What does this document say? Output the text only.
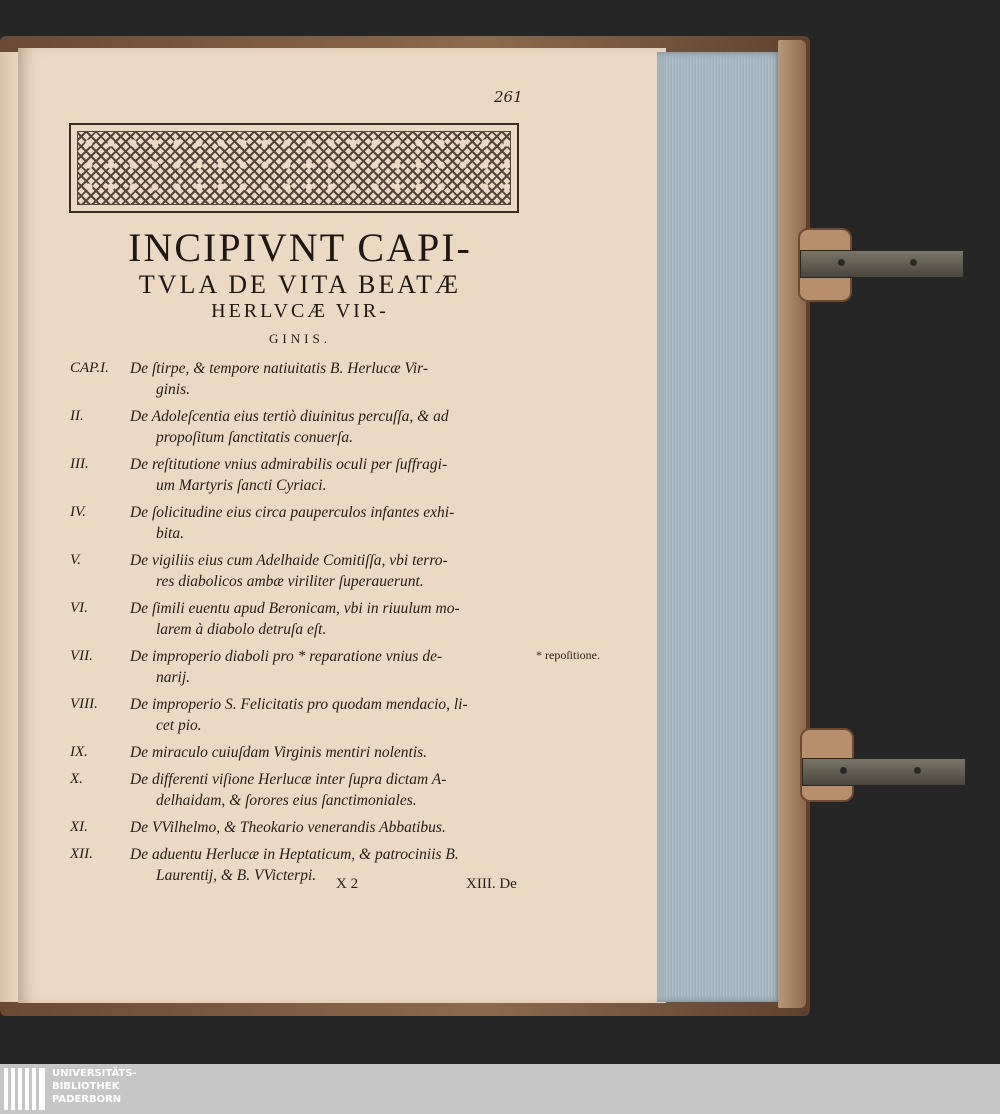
261
INCIPIVNT CAPI-
TVLA DE VITA BEATÆ
HERLVCÆ VIR-
GINIS.
CAP.I. De ſtirpe, & tempore natiuitatis B. Herlucæ Vir-
ginis.
II.	De Adoleſcentia eius tertiò diuinitus percuſſa, & ad
propoſitum ſanctitatis conuerſa.
III.	De reſtitutione vnius admirabilis oculi per ſuffragi-
um Martyris ſancti Cyriaci.
IV.	De ſolicitudine eius circa pauperculos infantes exhi-
bita.
V.	De vigiliis eius cum Adelhaide Comitiſſa, vbi terro-
res diabolicos ambæ viriliter ſuperauerunt.
VI.	De ſimili euentu apud Beronicam, vbi in riuulum mo-
larem à diabolo detruſa eſt.
VII. De improperio diaboli pro * reparatione vnius de-
narij.
VIII. De improperio S. Felicitatis pro quodam mendacio, li-
cet pio.
IX.	De miraculo cuiuſdam Virginis mentiri nolentis.
X.	De differenti viſione Herlucæ inter ſupra dictam A-
delhaidam, & ſorores eius ſanctimoniales.
XI.	De VVilhelmo, & Theokario venerandis Abbatibus.
XII. De aduentu Herlucæ in Heptaticum, & patrociniis B.
Laurentij, & B. VVicterpi.
* repoſitione.
X 2	XIII. De
UNIVERSITÄTS-
BIBLIOTHEK
PADERBORN
